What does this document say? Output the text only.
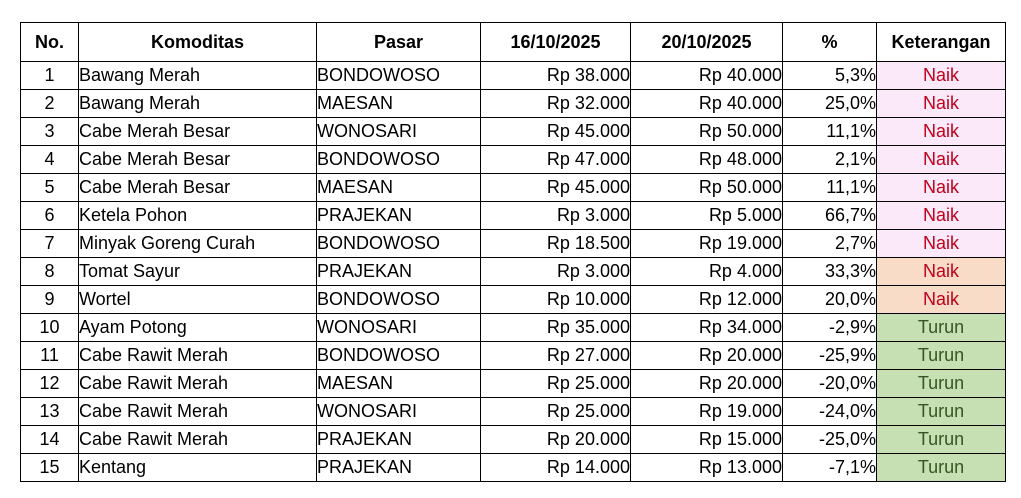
No.	Komoditas	Pasar	16/10/2025	20/10/2025	%	Keterangan
1	Bawang Merah	BONDOWOSO	Rp 38.000	Rp 40.000	5,3%	Naik
2	Bawang Merah	MAESAN	Rp 32.000	Rp 40.000	25,0%	Naik
3	Cabe Merah Besar	WONOSARI	Rp 45.000	Rp 50.000	11,1%	Naik
4	Cabe Merah Besar	BONDOWOSO	Rp 47.000	Rp 48.000	2,1%	Naik
5	Cabe Merah Besar	MAESAN	Rp 45.000	Rp 50.000	11,1%	Naik
6	Ketela Pohon	PRAJEKAN	Rp 3.000	Rp 5.000	66,7%	Naik
7	Minyak Goreng Curah	BONDOWOSO	Rp 18.500	Rp 19.000	2,7%	Naik
8	Tomat Sayur	PRAJEKAN	Rp 3.000	Rp 4.000	33,3%	Naik
9	Wortel	BONDOWOSO	Rp 10.000	Rp 12.000	20,0%	Naik
10	Ayam Potong	WONOSARI	Rp 35.000	Rp 34.000	-2,9%	Turun
11	Cabe Rawit Merah	BONDOWOSO	Rp 27.000	Rp 20.000	-25,9%	Turun
12	Cabe Rawit Merah	MAESAN	Rp 25.000	Rp 20.000	-20,0%	Turun
13	Cabe Rawit Merah	WONOSARI	Rp 25.000	Rp 19.000	-24,0%	Turun
14	Cabe Rawit Merah	PRAJEKAN	Rp 20.000	Rp 15.000	-25,0%	Turun
15	Kentang	PRAJEKAN	Rp 14.000	Rp 13.000	-7,1%	Turun
